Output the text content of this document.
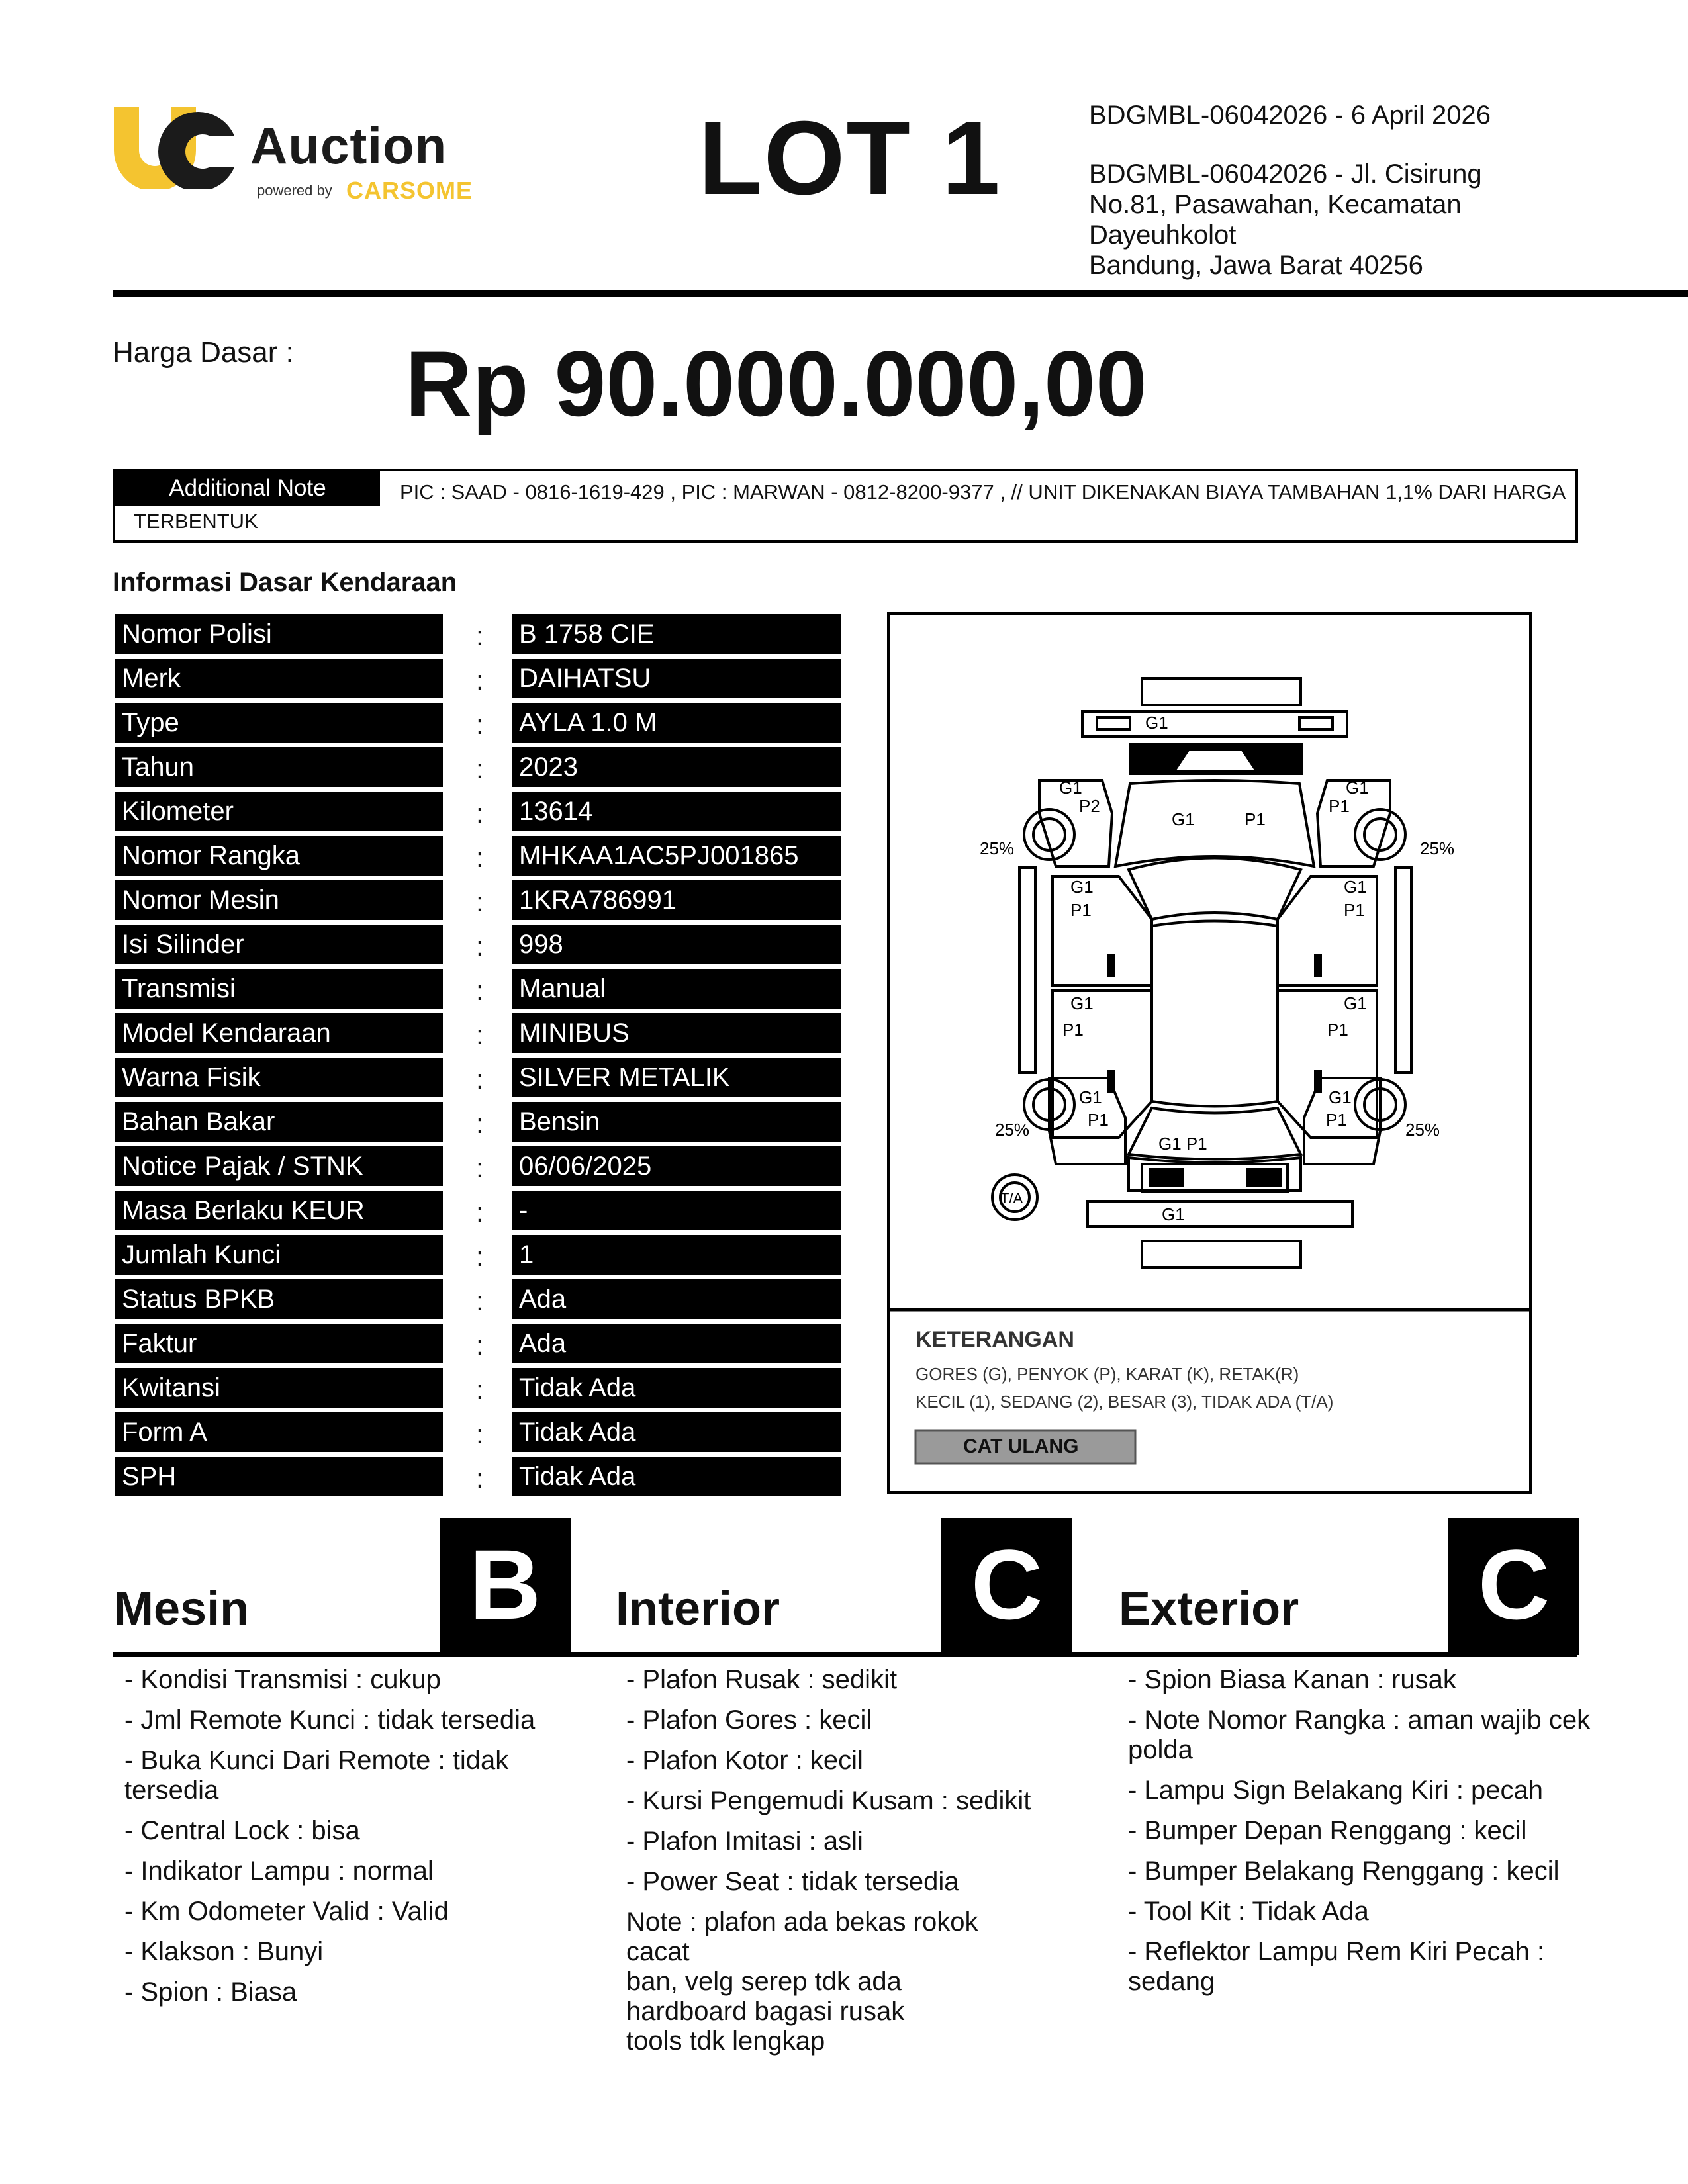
Auction
powered by CARSOME LOT 1	BDGMBL-06042026 - 6 April 2026
BDGMBL-06042026 - Jl. Cisirung
No.81, Pasawahan, Kecamatan
Dayeuhkolot
Bandung, Jawa Barat 40256
Harga Dasar : Rp 90.000.000,00
Additional Note	PIC : SAAD - 0816-1619-429 , PIC : MARWAN - 0812-8200-9377 , // UNIT DIKENAKAN BIAYA TAMBAHAN 1,1% DARI HARGA TERBENTUK
Informasi Dasar Kendaraan
Nomor Polisi	: B 1758 CIE
Merk	: DAIHATSU
Type	: AYLA 1.0 M
Tahun	: 2023
Kilometer	: 13614
Nomor Rangka	: MHKAA1AC5PJ001865
Nomor Mesin	: 1KRA786991
Isi Silinder	: 998
Transmisi	: Manual
Model Kendaraan	: MINIBUS
Warna Fisik	: SILVER METALIK
Bahan Bakar	: Bensin
Notice Pajak / STNK	: 06/06/2025
Masa Berlaku KEUR	: -
Jumlah Kunci	: 1
Status BPKB	: Ada
Faktur	: Ada
Kwitansi	: Tidak Ada
Form A	: Tidak Ada
SPH	: Tidak Ada
G1
G1
P2
G1	P1
G1
P1
G1
P1
G1
P1
G1
P1
G1
P1
G1
P1
G1
P1
G1 P1
G1
T/A
25%	25%
25%	25%
KETERANGAN
GORES (G), PENYOK (P), KARAT (K), RETAK(R)
KECIL (1), SEDANG (2), BESAR (3), TIDAK ADA (T/A)
CAT ULANG
Mesin B	Interior C	Exterior C
- Kondisi Transmisi : cukup
- Jml Remote Kunci : tidak tersedia
- Buka Kunci Dari Remote : tidak tersedia
- Central Lock : bisa
- Indikator Lampu : normal
- Km Odometer Valid : Valid
- Klakson : Bunyi
- Spion : Biasa
- Plafon Rusak : sedikit
- Plafon Gores : kecil
- Plafon Kotor : kecil
- Kursi Pengemudi Kusam : sedikit
- Plafon Imitasi : asli
- Power Seat : tidak tersedia
Note : plafon ada bekas rokok
cacat
ban, velg serep tdk ada
hardboard bagasi rusak
tools tdk lengkap
- Spion Biasa Kanan : rusak
- Note Nomor Rangka : aman wajib cek polda
- Lampu Sign Belakang Kiri : pecah
- Bumper Depan Renggang : kecil
- Bumper Belakang Renggang : kecil
- Tool Kit : Tidak Ada
- Reflektor Lampu Rem Kiri Pecah : sedang
